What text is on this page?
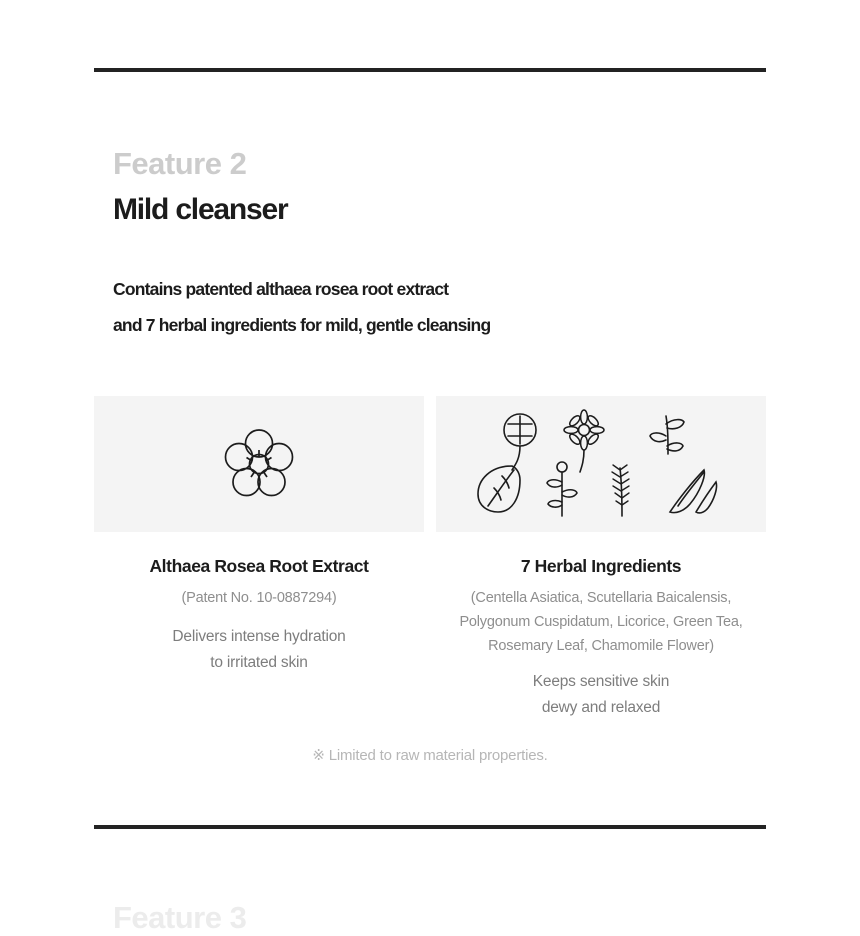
Feature 2
Mild cleanser
Contains patented althaea rosea root extract
and 7 herbal ingredients for mild, gentle cleansing
Althaea Rosea Root Extract
(Patent No. 10-0887294)
Delivers intense hydration
to irritated skin
7 Herbal Ingredients
(Centella Asiatica, Scutellaria Baicalensis,
Polygonum Cuspidatum, Licorice, Green Tea,
Rosemary Leaf, Chamomile Flower)
Keeps sensitive skin
dewy and relaxed
※ Limited to raw material properties.
Feature 3
